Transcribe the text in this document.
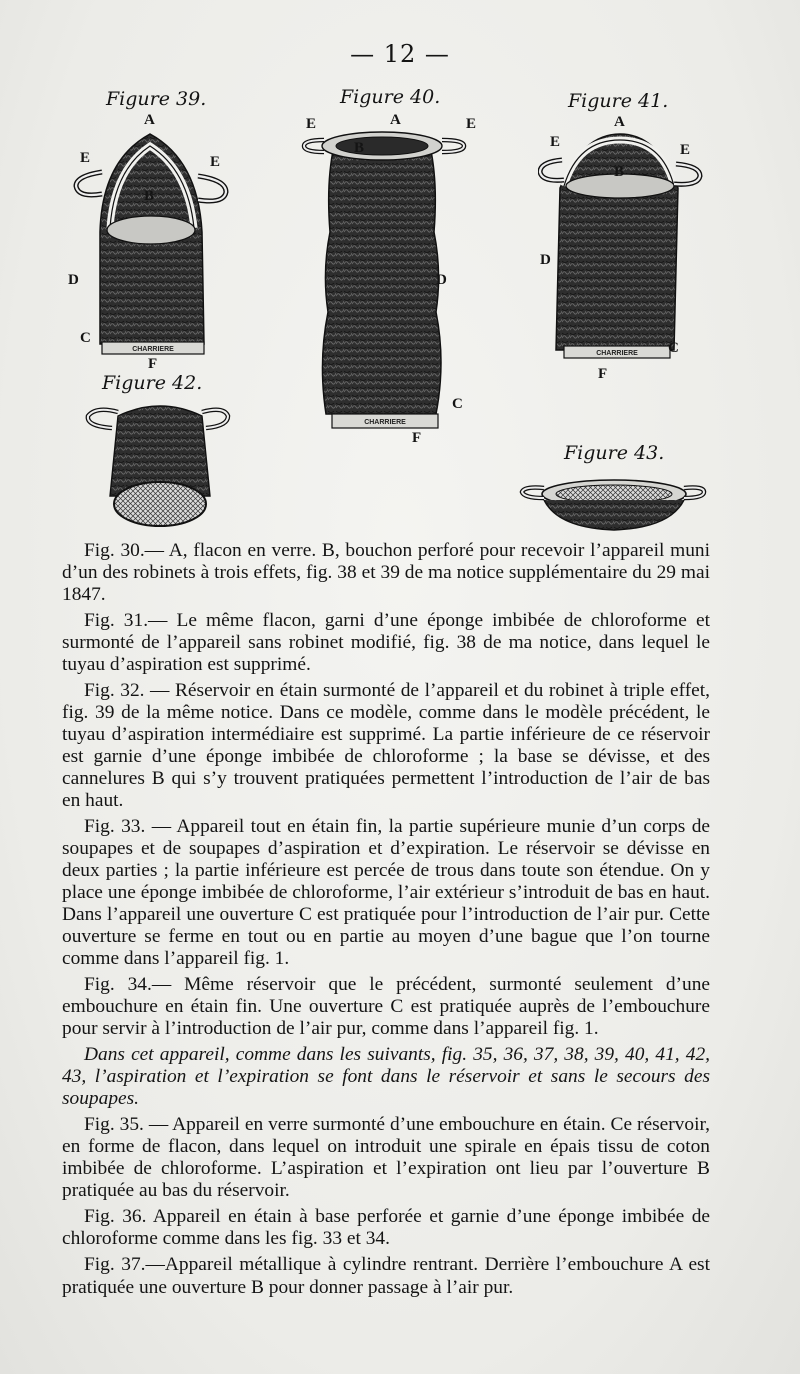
— 12 —
Figure 39.
CHARRIERE
A
E	E
B
D
C
F
Figure 40.
CHARRIERE
E	A	E
B
D
C
F
Figure 41.
CHARRIERE
A
E	E
B
D
C
F
Figure 42.
Figure 43.

Fig. 30.— A, flacon en verre. B, bouchon perforé pour recevoir l’appareil muni d’un des robinets à trois effets, fig. 38 et 39 de ma notice supplémentaire du 29 mai 1847.

Fig. 31.— Le même flacon, garni d’une éponge imbibée de chloroforme et surmonté de l’appareil sans robinet modifié, fig. 38 de ma notice, dans lequel le tuyau d’aspiration est supprimé.

Fig. 32. — Réservoir en étain surmonté de l’appareil et du robinet à triple effet, fig. 39 de la même notice. Dans ce modèle, comme dans le modèle précédent, le tuyau d’aspiration intermédiaire est supprimé. La partie inférieure de ce réservoir est garnie d’une éponge imbibée de chloroforme ; la base se dévisse, et des cannelures B qui s’y trouvent pratiquées permettent l’introduction de l’air de bas en haut.

Fig. 33. — Appareil tout en étain fin, la partie supérieure munie d’un corps de soupapes et de soupapes d’aspiration et d’expiration. Le réservoir se dévisse en deux parties ; la partie inférieure est percée de trous dans toute son étendue. On y place une éponge imbibée de chloroforme, l’air extérieur s’introduit de bas en haut. Dans l’appareil une ouverture C est pratiquée pour l’introduction de l’air pur. Cette ouverture se ferme en tout ou en partie au moyen d’une bague que l’on tourne comme dans l’appareil fig. 1.

Fig. 34.— Même réservoir que le précédent, surmonté seulement d’une embouchure en étain fin. Une ouverture C est pratiquée auprès de l’embouchure pour servir à l’introduction de l’air pur, comme dans l’appareil fig. 1.

Dans cet appareil, comme dans les suivants, fig. 35, 36, 37, 38, 39, 40, 41, 42, 43, l’aspiration et l’expiration se font dans le réservoir et sans le secours des soupapes.

Fig. 35. — Appareil en verre surmonté d’une embouchure en étain. Ce réservoir, en forme de flacon, dans lequel on introduit une spirale en épais tissu de coton imbibée de chloroforme. L’aspiration et l’expiration ont lieu par l’ouverture B pratiquée au bas du réservoir.

Fig. 36. Appareil en étain à base perforée et garnie d’une éponge imbibée de chloroforme comme dans les fig. 33 et 34.

Fig. 37.—Appareil métallique à cylindre rentrant. Derrière l’embouchure A est pratiquée une ouverture B pour donner passage à l’air pur.
